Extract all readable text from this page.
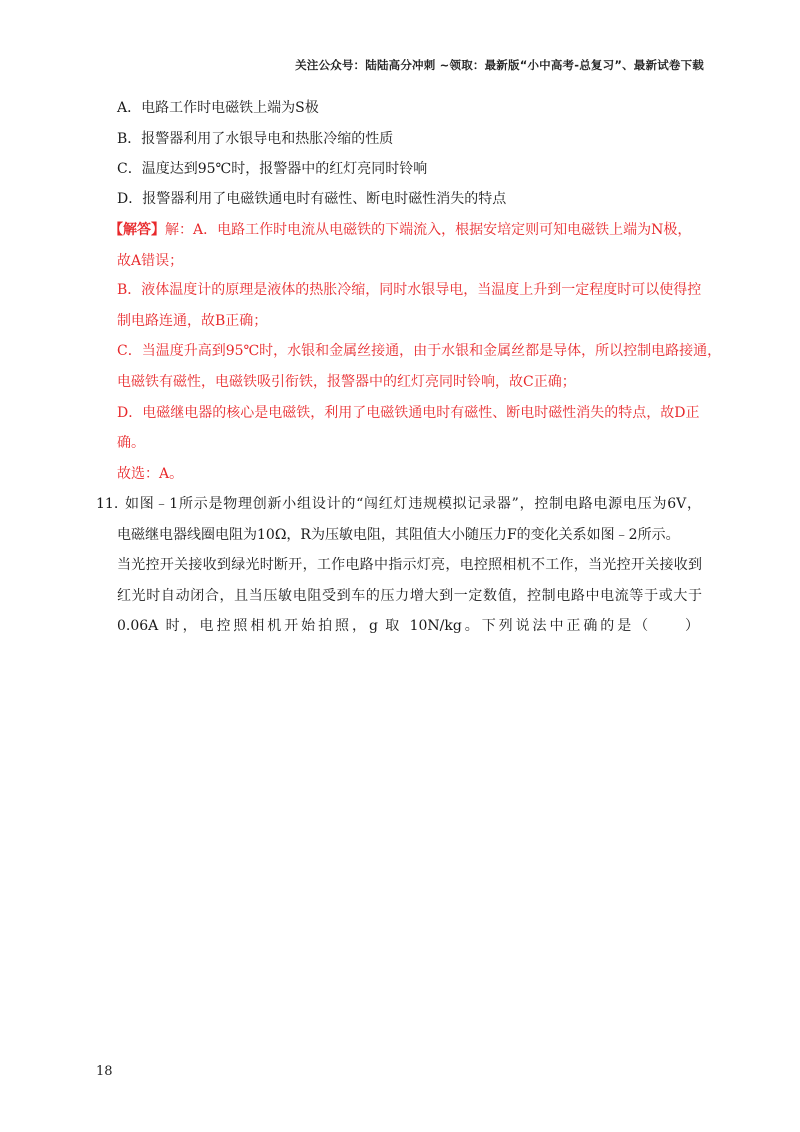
关注公众号：陆陆高分冲刺 ~领取：最新版“小中高考-总复习”、最新试卷下载
A．电路工作时电磁铁上端为S极
B．报警器利用了水银导电和热胀冷缩的性质
C．温度达到95℃时，报警器中的红灯亮同时铃响
D．报警器利用了电磁铁通电时有磁性、断电时磁性消失的特点
【解答】解：A．电路工作时电流从电磁铁的下端流入，根据安培定则可知电磁铁上端为N极，
故A错误；
B．液体温度计的原理是液体的热胀冷缩，同时水银导电，当温度上升到一定程度时可以使得控
制电路连通，故B正确；
C．当温度升高到95℃时，水银和金属丝接通，由于水银和金属丝都是导体，所以控制电路接通，
电磁铁有磁性，电磁铁吸引衔铁，报警器中的红灯亮同时铃响，故C正确；
D．电磁继电器的核心是电磁铁，利用了电磁铁通电时有磁性、断电时磁性消失的特点，故D正
确。
故选：A。
11. 如图﹣1所示是物理创新小组设计的“闯红灯违规模拟记录器”，控制电路电源电压为6V，
电磁继电器线圈电阻为10Ω，R为压敏电阻，其阻值大小随压力F的变化关系如图﹣2所示。
当光控开关接收到绿光时断开，工作电路中指示灯亮，电控照相机不工作，当光控开关接收到
红光时自动闭合，且当压敏电阻受到车的压力增大到一定数值，控制电路中电流等于或大于
0.06A 时，电控照相机开始拍照，g 取 10N/kg。下列说法中正确的是（　　）
18
